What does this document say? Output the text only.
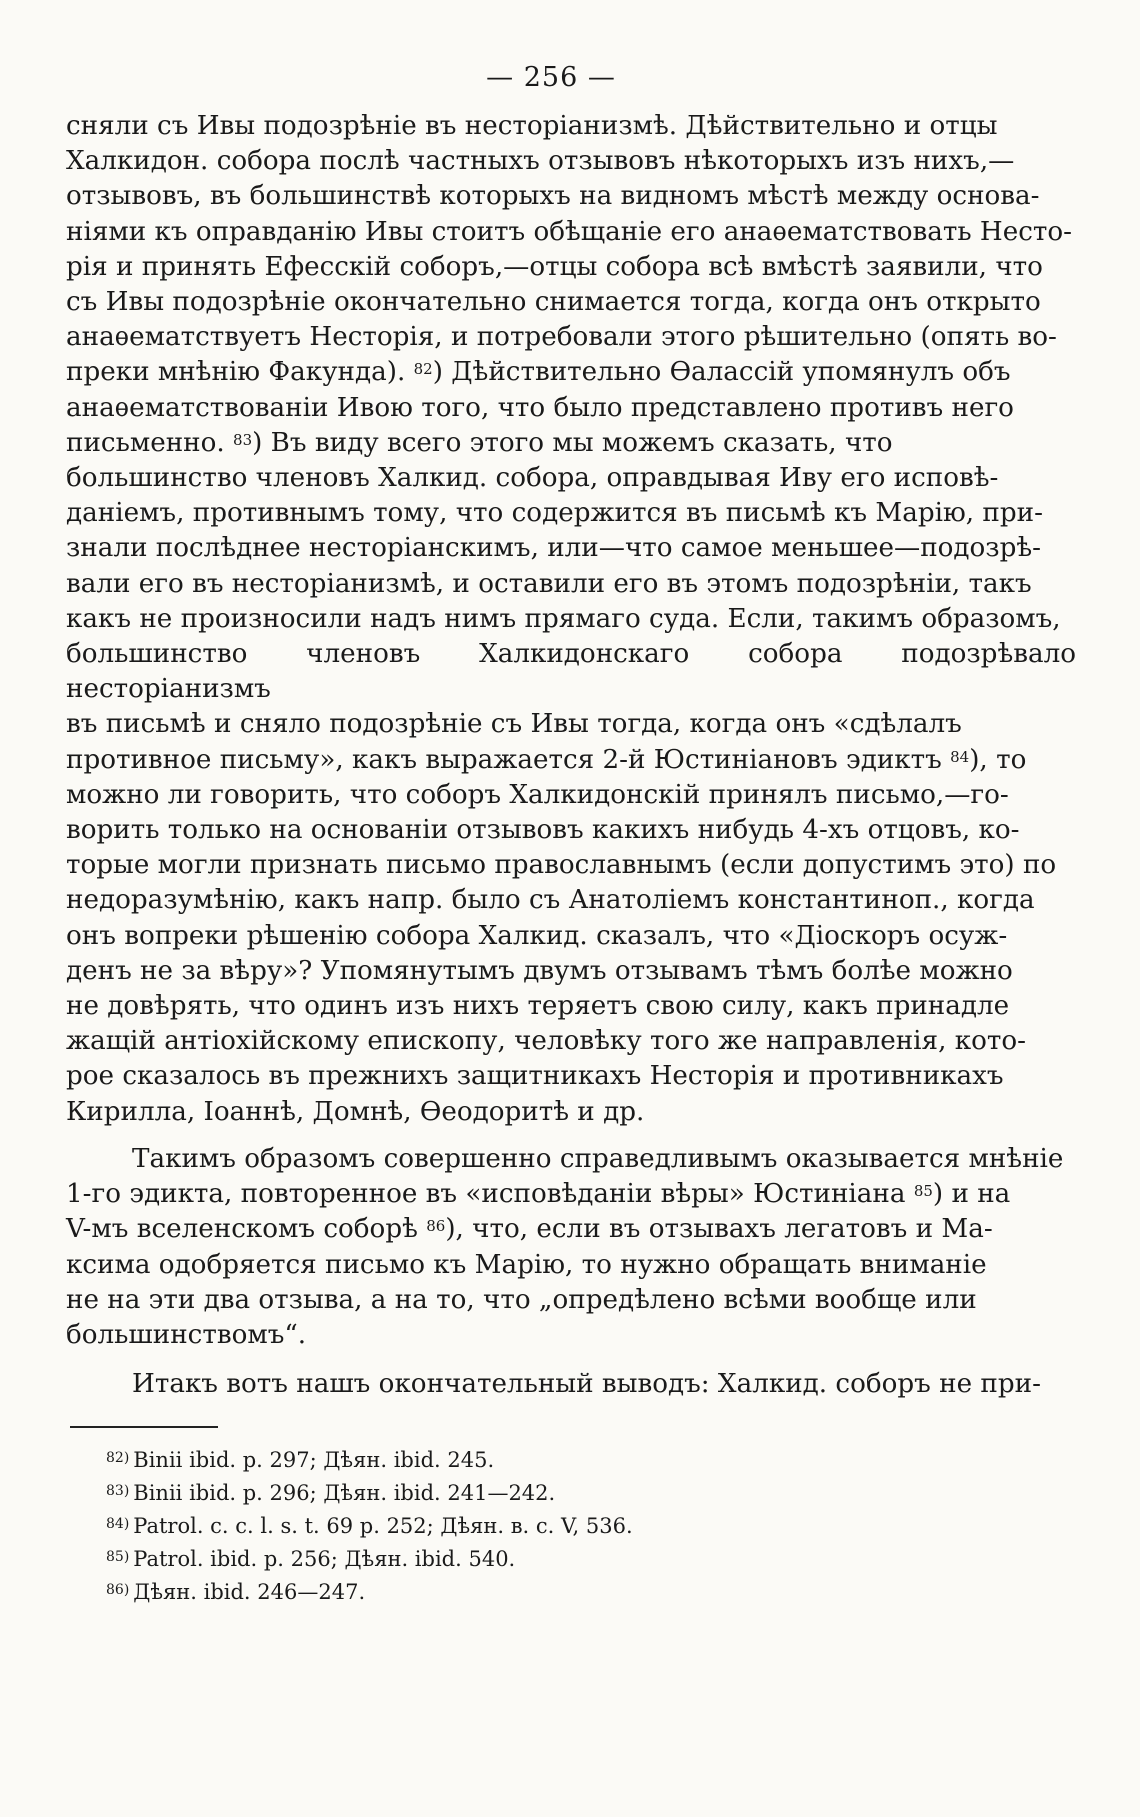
— 256 —

сняли съ Ивы подозрѣніе въ несторіанизмѣ. Дѣйствительно и отцы
Халкидон. собора послѣ частныхъ отзывовъ нѣкоторыхъ изъ нихъ,—
отзывовъ, въ большинствѣ которыхъ на видномъ мѣстѣ между основа-
ніями къ оправданію Ивы стоитъ обѣщаніе его анаѳематствовать Несто-
рія и принять Ефесскій соборъ,—отцы собора всѣ вмѣстѣ заявили, что
съ Ивы подозрѣніе окончательно снимается тогда, когда онъ открыто
анаѳематствуетъ Несторія, и потребовали этого рѣшительно (опять во-
преки мнѣнію Факунда). $^{82}$) Дѣйствительно Ѳалассій упомянулъ объ
анаѳематствованіи Ивою того, что было представлено противъ него
письменно. $^{83}$) Въ виду всего этого мы можемъ сказать, что
большинство членовъ Халкид. собора, оправдывая Иву его исповѣ-
даніемъ, противнымъ тому, что содержится въ письмѣ къ Марію, при-
знали послѣднее несторіанскимъ, или—что самое меньшее—подозрѣ-
вали его въ несторіанизмѣ, и оставили его въ этомъ подозрѣніи, такъ
какъ не произносили надъ нимъ прямаго суда. Если, такимъ образомъ,
большинство членовъ Халкидонскаго собора подозрѣвало несторіанизмъ
въ письмѣ и сняло подозрѣніе съ Ивы тогда, когда онъ «сдѣлалъ
противное письму», какъ выражается 2-й Юстиніановъ эдиктъ $^{84}$), то
можно ли говорить, что соборъ Халкидонскій принялъ письмо,—го-
ворить только на основаніи отзывовъ какихъ нибудь 4-хъ отцовъ, ко-
торые могли признать письмо православнымъ (если допустимъ это) по
недоразумѣнію, какъ напр. было съ Анатоліемъ константиноп., когда
онъ вопреки рѣшенію собора Халкид. сказалъ, что «Діоскоръ осуж-
денъ не за вѣру»? Упомянутымъ двумъ отзывамъ тѣмъ болѣе можно
не довѣрять, что одинъ изъ нихъ теряетъ свою силу, какъ принадле
жащій антіохійскому епископу, человѣку того же направленія, кото-
рое сказалось въ прежнихъ защитникахъ Несторія и противникахъ
Кирилла, Іоаннѣ, Домнѣ, Ѳеодоритѣ и др.

Такимъ образомъ совершенно справедливымъ оказывается мнѣніе
1-го эдикта, повторенное въ «исповѣданіи вѣры» Юстиніана $^{85}$) и на
V-мъ вселенскомъ соборѣ $^{86}$), что, если въ отзывахъ легатовъ и Ма-
ксима одобряется письмо къ Марію, то нужно обращать вниманіе
не на эти два отзыва, а на то, что „опредѣлено всѣми вообще или
большинствомъ“.

Итакъ вотъ нашъ окончательный выводъ: Халкид. соборъ не при-

$^{82)}$ Binii ibid. p. 297; Дѣян. ibid. 245.
$^{83)}$ Binii ibid. p. 296; Дѣян. ibid. 241—242.
$^{84)}$ Patrol. c. c. l. s. t. 69 p. 252; Дѣян. в. с. V, 536.
$^{85)}$ Patrol. ibid. p. 256; Дѣян. ibid. 540.
$^{86)}$ Дѣян. ibid. 246—247.
